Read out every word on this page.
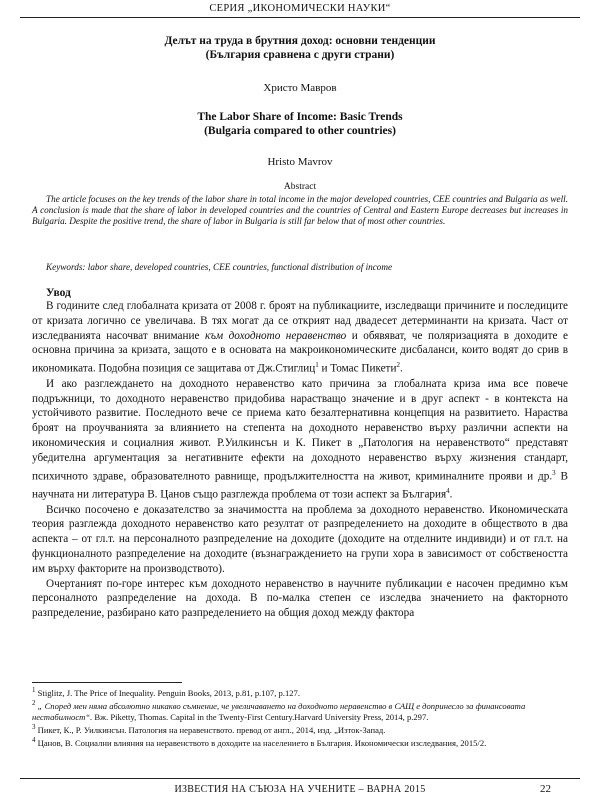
СЕРИЯ „ИКОНОМИЧЕСКИ НАУКИ“
Делът на труда в брутния доход: основни тенденции
(България сравнена с други страни)
Христо Мавров
The Labor Share of Income: Basic Trends
(Bulgaria compared to other countries)
Hristo Mavrov
Abstract
The article focuses on the key trends of the labor share in total income in the major developed countries, CEE countries and Bulgaria as well. A conclusion is made that the share of labor in developed countries and the countries of Central and Eastern Europe decreases but increases in Bulgaria. Despite the positive trend, the share of labor in Bulgaria is still far below that of most other countries.
Keywords: labor share, developed countries, CEE countries, functional distribution of income
Увод

В годините след глобалната кризата от 2008 г. броят на публикациите, изследващи причините и последиците от кризата логично се увеличава. В тях могат да се открият над двадесет детерминанти на кризата. Част от изследванията насочват внимание към доходното неравенство и обявяват, че поляризацията в доходите е основна причина за кризата, защото е в основата на макроикономическите дисбаланси, които водят до срив в икономиката. Подобна позиция се защитава от Дж.Стиглиц$^1$ и Томас Пикети$^2$.

И ако разглеждането на доходното неравенство като причина за глобалната криза има все повече подръжници, то доходното неравенство придобива нарастващо значение и в друг аспект - в контекста на устойчивото развитие. Последното вече се приема като безалтернативна концепция на развитието. Нараства броят на проучванията за влиянието на степента на доходното неравенство върху различни аспекти на икономическия и социалния живот. Р.Уилкинсън и К. Пикет в „Патология на неравенството“ представят убедителна аргументация за негативните ефекти на доходното неравенство върху жизнения стандарт, психичното здраве, образователното равнище, продължителността на живот, криминалните прояви и др.$^3$ В научната ни литература В. Цанов също разглежда проблема от този аспект за България$^4$.

Всичко посочено е доказателство за значимостта на проблема за доходното неравенство. Икономическата теория разглежда доходното неравенство като резултат от разпределението на доходите в обществото в два аспекта – от гл.т. на персоналното разпределение на доходите (доходите на отделните индивиди) и от гл.т. на функционалното разпределение на доходите (възнаграждението на групи хора в зависимост от собствеността им върху факторите на производството).

Очертаният по-горе интерес към доходното неравенство в научните публикации е насочен предимно към персоналното разпределение на дохода. В по-малка степен се изследва значението на факторното разпределение, разбирано като разпределението на общия доход между фактора

$^1$ Stiglitz, J. The Price of Inequality. Penguin Books, 2013, p.81, p.107, p.127.

$^2$ „ Според мен няма абсолютно никакво съмнение, че увеличаването на доходното неравенство в САЩ е допринесло за финансовата нестабилност“. Вж. Piketty, Thomas. Capital in the Twenty-First Century.Harvard University Press, 2014, p.297.

$^3$ Пикет, К., Р. Уилкинсън. Патология на неравенството. превод от англ., 2014, изд. „Изток-Запад.

$^4$ Цанов, В. Социални влияния на неравенството в доходите на населението в България. Икономически изследвания, 2015/2.

ИЗВЕСТИЯ НА СЪЮЗА НА УЧЕНИТЕ – ВАРНА 2015	22
